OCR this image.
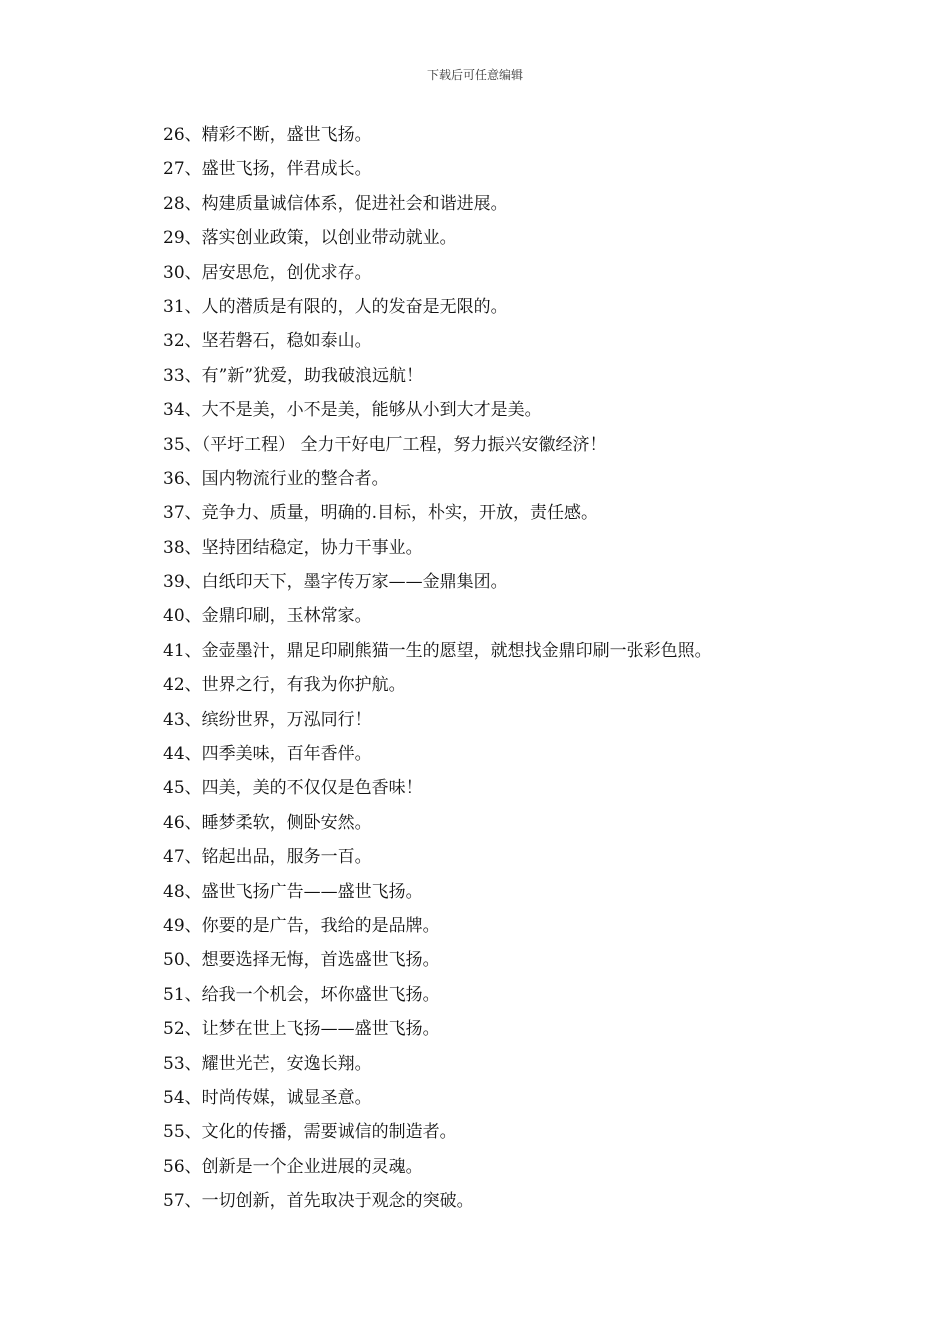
下载后可任意编辑
26、精彩不断，盛世飞扬。
27、盛世飞扬，伴君成长。
28、构建质量诚信体系，促进社会和谐进展。
29、落实创业政策，以创业带动就业。
30、居安思危，创优求存。
31、人的潜质是有限的，人的发奋是无限的。
32、坚若磐石，稳如泰山。
33、有”新”犹爱，助我破浪远航！
34、大不是美，小不是美，能够从小到大才是美。
35、（平圩工程） 全力干好电厂工程，努力振兴安徽经济！
36、国内物流行业的整合者。
37、竞争力、质量，明确的.目标，朴实，开放，责任感。
38、坚持团结稳定，协力干事业。
39、白纸印天下，墨字传万家——金鼎集团。
40、金鼎印刷，玉林常家。
41、金壶墨汁，鼎足印刷熊猫一生的愿望，就想找金鼎印刷一张彩色照。
42、世界之行，有我为你护航。
43、缤纷世界，万泓同行！
44、四季美味，百年香伴。
45、四美，美的不仅仅是色香味！
46、睡梦柔软，侧卧安然。
47、铭起出品，服务一百。
48、盛世飞扬广告——盛世飞扬。
49、你要的是广告，我给的是品牌。
50、想要选择无悔，首选盛世飞扬。
51、给我一个机会，坏你盛世飞扬。
52、让梦在世上飞扬——盛世飞扬。
53、耀世光芒，安逸长翔。
54、时尚传媒，诚显圣意。
55、文化的传播，需要诚信的制造者。
56、创新是一个企业进展的灵魂。
57、一切创新，首先取决于观念的突破。
